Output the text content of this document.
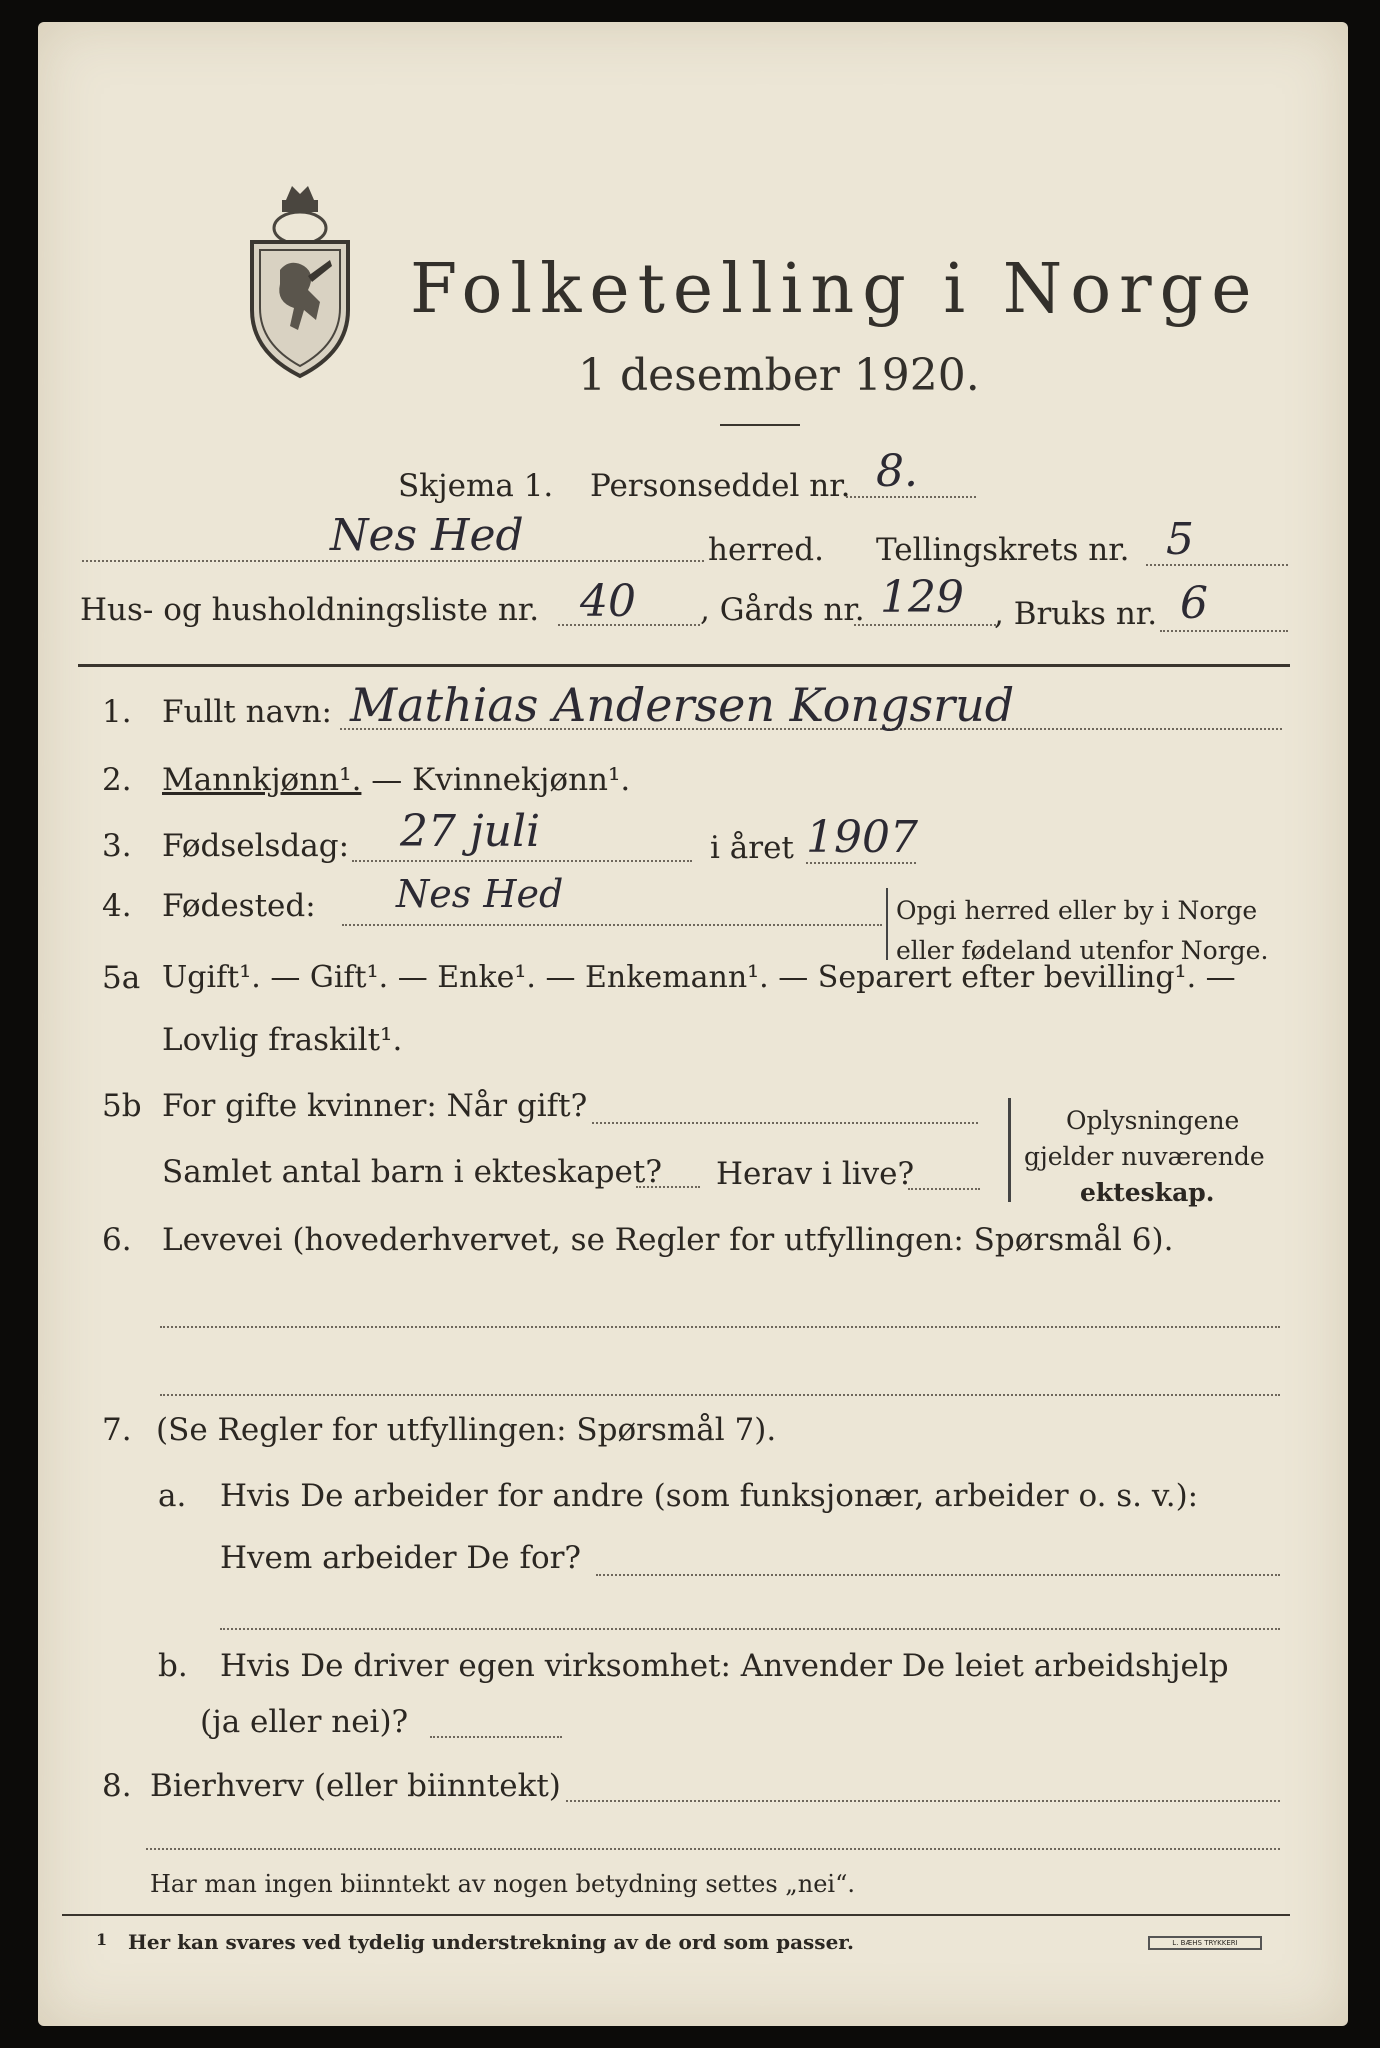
Folketelling i Norge
1 desember 1920.
Skjema 1. Personseddel nr. 8.
Nes Hed	herred. Tellingskrets nr. 5
Hus- og husholdningsliste nr. 40 , Gårds nr. 129 , Bruks nr. 6
1. Fullt navn: Mathias Andersen Kongsrud
2. Mannkjønn¹. — Kvinnekjønn¹.
3. Fødselsdag: 27 juli	i året 1907
4. Fødested: Nes Hed	Opgi herred eller by i Norge
eller fødeland utenfor Norge.
5a Ugift¹. — Gift¹. — Enke¹. — Enkemann¹. — Separert efter bevilling¹. —
Lovlig fraskilt¹.
5b For gifte kvinner: Når gift?
Samlet antal barn i ekteskapet? Herav i live?
Oplysningene
gjelder nuværende
ekteskap.
6. Levevei (hovederhvervet, se Regler for utfyllingen: Spørsmål 6).
7. (Se Regler for utfyllingen: Spørsmål 7).
a. Hvis De arbeider for andre (som funksjonær, arbeider o. s. v.):
Hvem arbeider De for?
b. Hvis De driver egen virksomhet: Anvender De leiet arbeidshjelp
(ja eller nei)?
8. Bierhverv (eller biinntekt)
Har man ingen biinntekt av nogen betydning settes „nei“.
1 Her kan svares ved tydelig understrekning av de ord som passer.	L. BÆHS TRYKKERI
